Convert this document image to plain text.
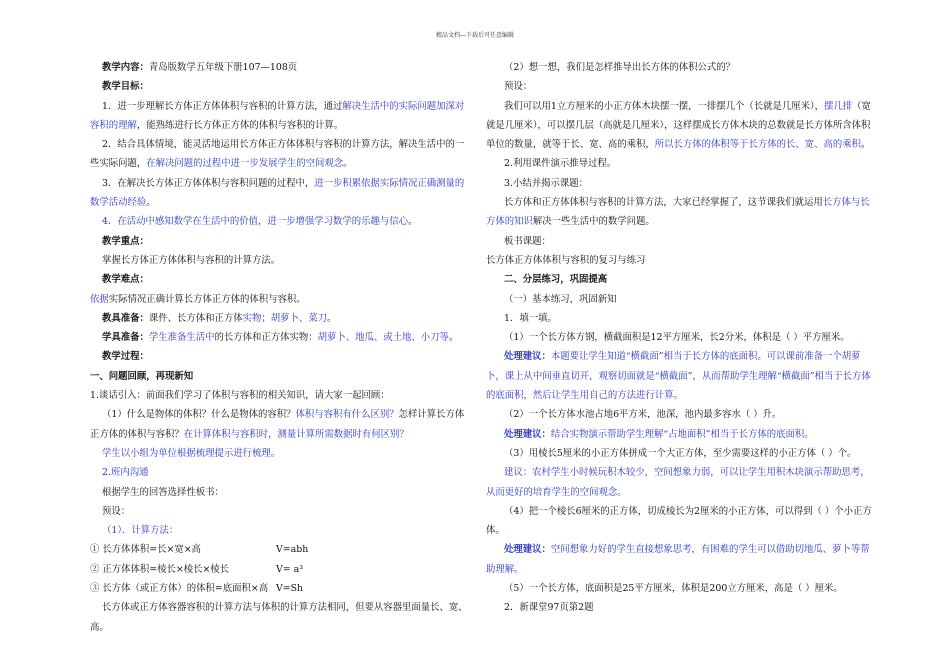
精品文档---下载后可任意编辑

教学内容：青岛版数学五年级下册107—108页

教学目标：

1．进一步理解长方体正方体体积与容积的计算方法，通过解决生活中的实际问题加深对容积的理解，能熟练进行长方体正方体的体积与容积的计算。

2．结合具体情境，能灵活地运用长方体正方体体积与容积的计算方法，解决生活中的一些实际问题，在解决问题的过程中进一步发展学生的空间观念。

3．在解决长方体正方体体积与容积问题的过程中，进一步积累依据实际情况正确测量的数学活动经验。

4．在活动中感知数学在生活中的价值，进一步增强学习数学的乐趣与信心。

教学重点：

掌握长方体正方体体积与容积的计算方法。

教学难点：

依据实际情况正确计算长方体正方体的体积与容积。

教具准备：课件、长方体和正方体实物；胡萝卜、菜刀。

学具准备：学生准备生活中的长方体和正方体实物：胡萝卜、地瓜、或土地、小刀等。

教学过程：

一、问题回顾，再现新知

1.谈话引入：前面我们学习了体积与容积的相关知识，请大家一起回顾：

（1）什么是物体的体积？什么是物体的容积？体积与容积有什么区别？怎样计算长方体正方体的体积与容积？在计算体积与容积时，测量计算所需数据时有何区别？

学生以小组为单位根据梳理提示进行梳理。

2.班内沟通

根据学生的回答选择性板书：

预设：

（1）．计算方法：

① 长方体体积=长×宽×高	V=abh
② 正方体体积=棱长×棱长×棱长	V= a³
③ 长方体（或正方体）的体积=底面积×高 V=Sh

长方体或正方体容器容积的计算方法与体积的计算方法相同，但要从容器里面量长、宽、高。

（2）想一想，我们是怎样推导出长方体的体积公式的？

预设：

我们可以用1立方厘米的小正方体木块摆一摆，一排摆几个（长就是几厘米），摆几排（宽就是几厘米），可以摆几层（高就是几厘米），这样摆成长方体木块的总数就是长方体所含体积单位的数量，就等于长、宽、高的乘积，所以长方体的体积等于长方体的长、宽、高的乘积。

2.利用课件演示推导过程。

3.小结并揭示课题：

长方体和正方体体积与容积的计算方法，大家已经掌握了，这节课我们就运用长方体与长方体的知识解决一些生活中的数学问题。

板书课题：

长方体正方体体积与容积的复习与练习

二、分层练习，巩固提高

（一）基本练习，巩固新知

1．填一填。

（1）一个长方体方钢，横截面积是12平方厘米，长2分米，体积是（ ）平方厘米。

处理建议：本题要让学生知道“横截面”相当于长方体的底面积。可以课前准备一个胡萝卜，课上从中间垂直切开，观察切面就是“横截面”，从而帮助学生理解“横截面”相当于长方体的底面积，然后让学生用自己的方法进行计算。

（2）一个长方体水池占地6平方米，池深，池内最多容水（ ）升。

处理建议：结合实物演示帮助学生理解“占地面积”相当于长方体的底面积。

（3）用棱长5厘米的小正方体拼成一个大正方体，至少需要这样的小正方体（ ）个。

建议：农村学生小时候玩积木较少，空间想象力弱，可以让学生用积木块演示帮助思考，从而更好的培育学生的空间观念。

（4）把一个棱长6厘米的正方体，切成棱长为2厘米的小正方体，可以得到（ ）个小正方体。

处理建议：空间想象力好的学生直接想象思考，有困难的学生可以借助切地瓜、萝卜等帮助理解。

（5）一个长方体，底面积是25平方厘米，体积是200立方厘米，高是（ ）厘米。

2．新课堂97页第2题
